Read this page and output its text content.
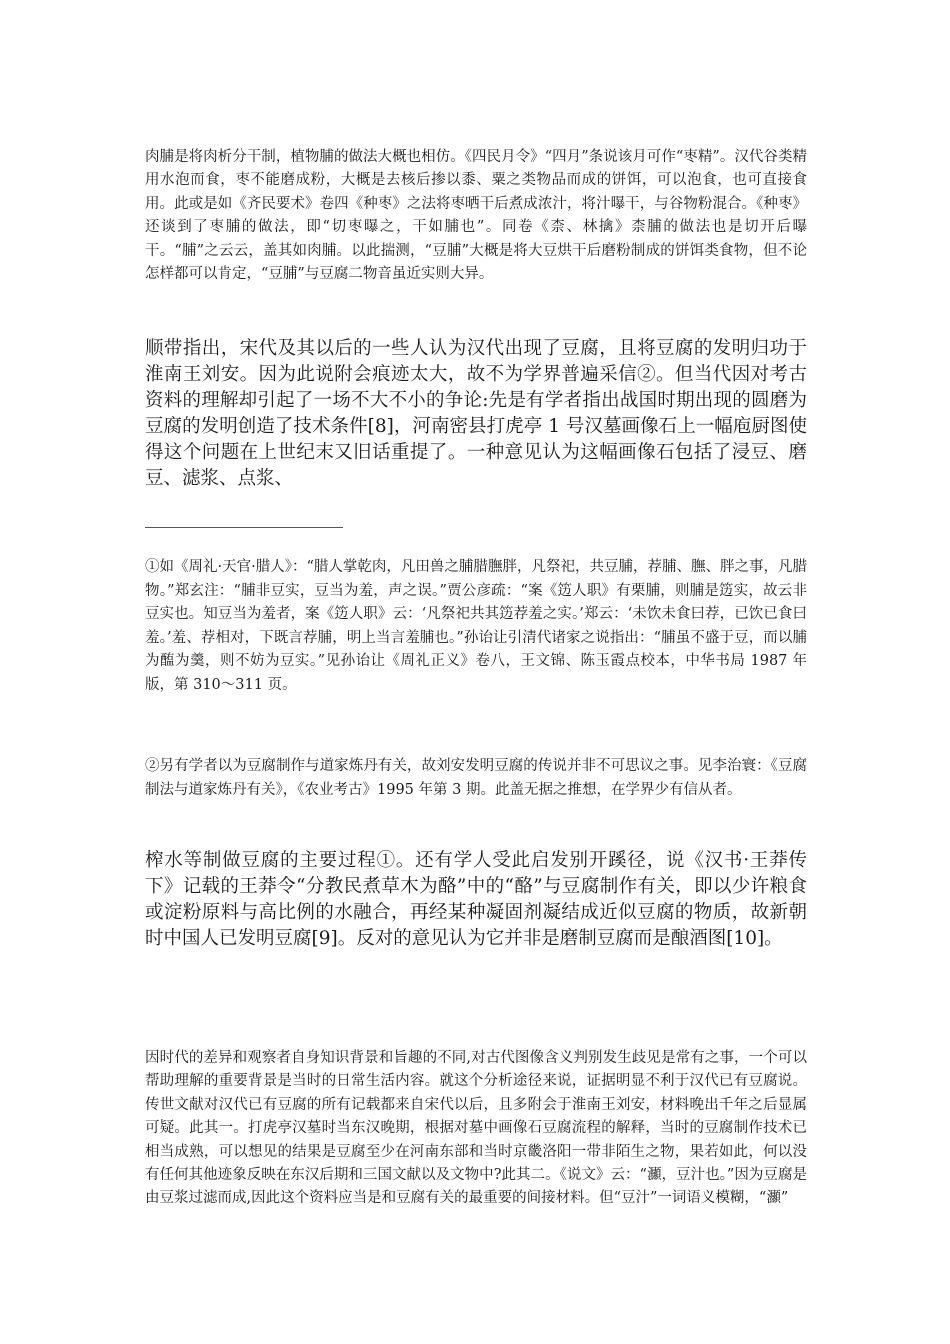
肉脯是将肉析分干制，植物脯的做法大概也相仿。《四民月令》“四月”条说该月可作“枣精”。汉代谷类精用水泡而食，枣不能磨成粉，大概是去核后掺以黍、粟之类物品而成的饼饵，可以泡食，也可直接食用。此或是如《齐民要术》卷四《种枣》之法将枣晒干后煮成浓汁，将汁曝干，与谷物粉混合。《种枣》还谈到了枣脯的做法，即“切枣曝之，干如脯也”。同卷《柰、林擒》柰脯的做法也是切开后曝干。“脯”之云云，盖其如肉脯。以此揣测，“豆脯”大概是将大豆烘干后磨粉制成的饼饵类食物，但不论怎样都可以肯定，“豆脯”与豆腐二物音虽近实则大异。

顺带指出，宋代及其以后的一些人认为汉代出现了豆腐，且将豆腐的发明归功于淮南王刘安。因为此说附会痕迹太大，故不为学界普遍采信②。但当代因对考古资料的理解却引起了一场不大不小的争论:先是有学者指出战国时期出现的圆磨为豆腐的发明创造了技术条件[8]，河南密县打虎亭 1 号汉墓画像石上一幅庖厨图使得这个问题在上世纪末又旧话重提了。一种意见认为这幅画像石包括了浸豆、磨豆、滤浆、点浆、

①如《周礼·天官·腊人》：“腊人掌乾肉，凡田兽之脯腊膴胖，凡祭祀，共豆脯，荐脯、膴、胖之事，凡腊物。”郑玄注：“脯非豆实，豆当为羞，声之误。”贾公彦疏：“案《笾人职》有栗脯，则脯是笾实，故云非豆实也。知豆当为羞者，案《笾人职》云：‘凡祭祀共其笾荐羞之实。’郑云：‘未饮未食曰荐，已饮已食曰羞。’羞、荐相对，下既言荐脯，明上当言羞脯也。”孙诒让引清代诸家之说指出：“脯虽不盛于豆，而以脯为醢为羹，则不妨为豆实。”见孙诒让《周礼正义》卷八，王文锦、陈玉霞点校本，中华书局 1987 年版，第 310～311 页。

②另有学者以为豆腐制作与道家炼丹有关，故刘安发明豆腐的传说并非不可思议之事。见李治寰：《豆腐制法与道家炼丹有关》，《农业考古》1995 年第 3 期。此盖无据之推想，在学界少有信从者。

榨水等制做豆腐的主要过程①。还有学人受此启发别开蹊径，说《汉书·王莽传下》记载的王莽令“分教民煮草木为酪”中的“酪”与豆腐制作有关，即以少许粮食或淀粉原料与高比例的水融合，再经某种凝固剂凝结成近似豆腐的物质，故新朝时中国人已发明豆腐[9]。反对的意见认为它并非是磨制豆腐而是酿酒图[10]。

因时代的差异和观察者自身知识背景和旨趣的不同,对古代图像含义判别发生歧见是常有之事，一个可以帮助理解的重要背景是当时的日常生活内容。就这个分析途径来说，证据明显不利于汉代已有豆腐说。传世文献对汉代已有豆腐的所有记载都来自宋代以后，且多附会于淮南王刘安，材料晚出千年之后显属可疑。此其一。打虎亭汉墓时当东汉晚期，根据对墓中画像石豆腐流程的解释，当时的豆腐制作技术已相当成熟，可以想见的结果是豆腐至少在河南东部和当时京畿洛阳一带非陌生之物，果若如此，何以没有任何其他迹象反映在东汉后期和三国文献以及文物中?此其二。《说文》云：“灦，豆汁也。”因为豆腐是由豆浆过滤而成,因此这个资料应当是和豆腐有关的最重要的间接材料。但“豆汁”一词语义模糊，“灦”
